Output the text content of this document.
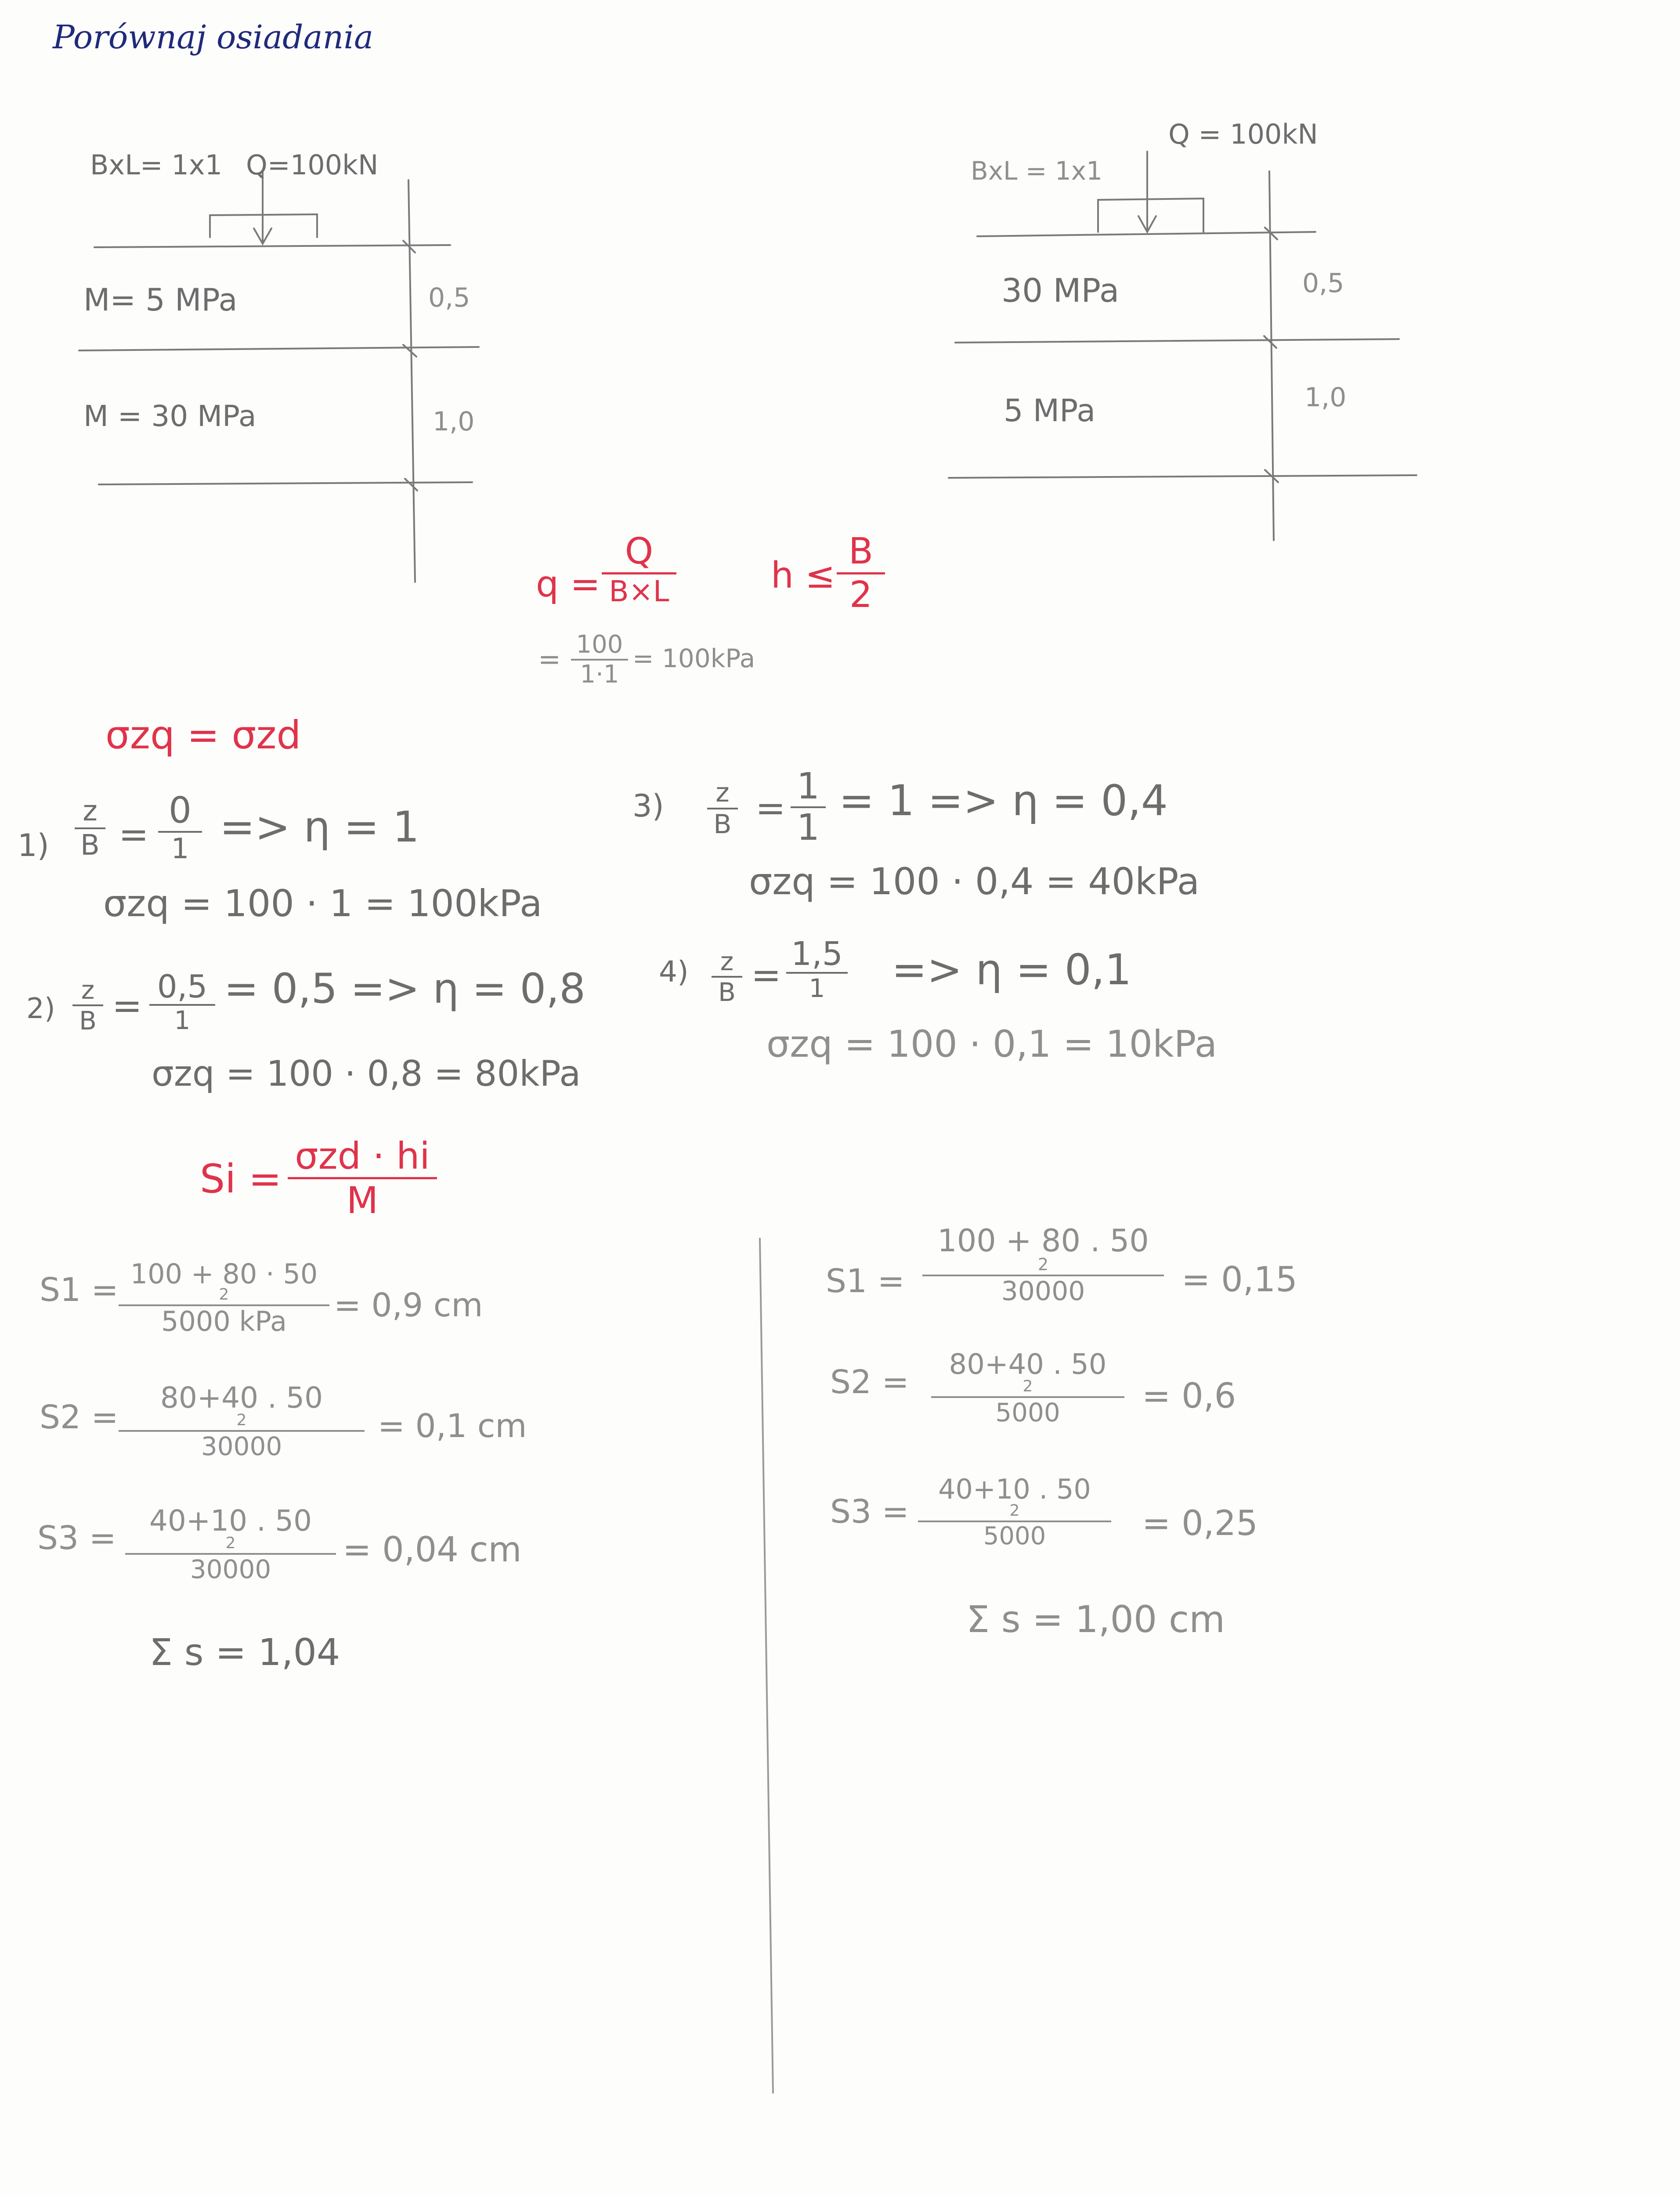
Porównaj osiadania
BxL= 1x1 Q=100kN
M= 5 MPa	0,5
M = 30 MPa	1,0
BxL = 1x1
Q = 100kN
30 MPa	0,5
5 MPa	1,0
q =
Q
B×L	h ≤
B
2
= 100
1·1
= 100kPa
σzq = σzd
1)
z
B =
0
1 => η = 1
σzq = 100 · 1 = 100kPa
2)
z
B = 0,5
1
= 0,5 => η = 0,8
σzq = 100 · 0,8 = 80kPa
3)	z
B =
1
1
= 1 => η = 0,4
σzq = 100 · 0,4 = 40kPa
4)	z
B =
1,5
1	=> η = 0,1
σzq = 100 · 0,1 = 10kPa
Si = σzd · hi
M
S1 = 100 + 80 · 50
2
5000 kPa	= 0,9 cm
S2 =
80+40 . 50
2
30000
= 0,1 cm
S3 =	40+10 . 50
2
30000	= 0,04 cm
Σ s = 1,04
S1 =
100 + 80 . 50
2
30000	= 0,15
S2 =	80+40 . 50
2
5000	= 0,6
S3 =
40+10 . 50
2
5000	= 0,25
Σ s = 1,00 cm
